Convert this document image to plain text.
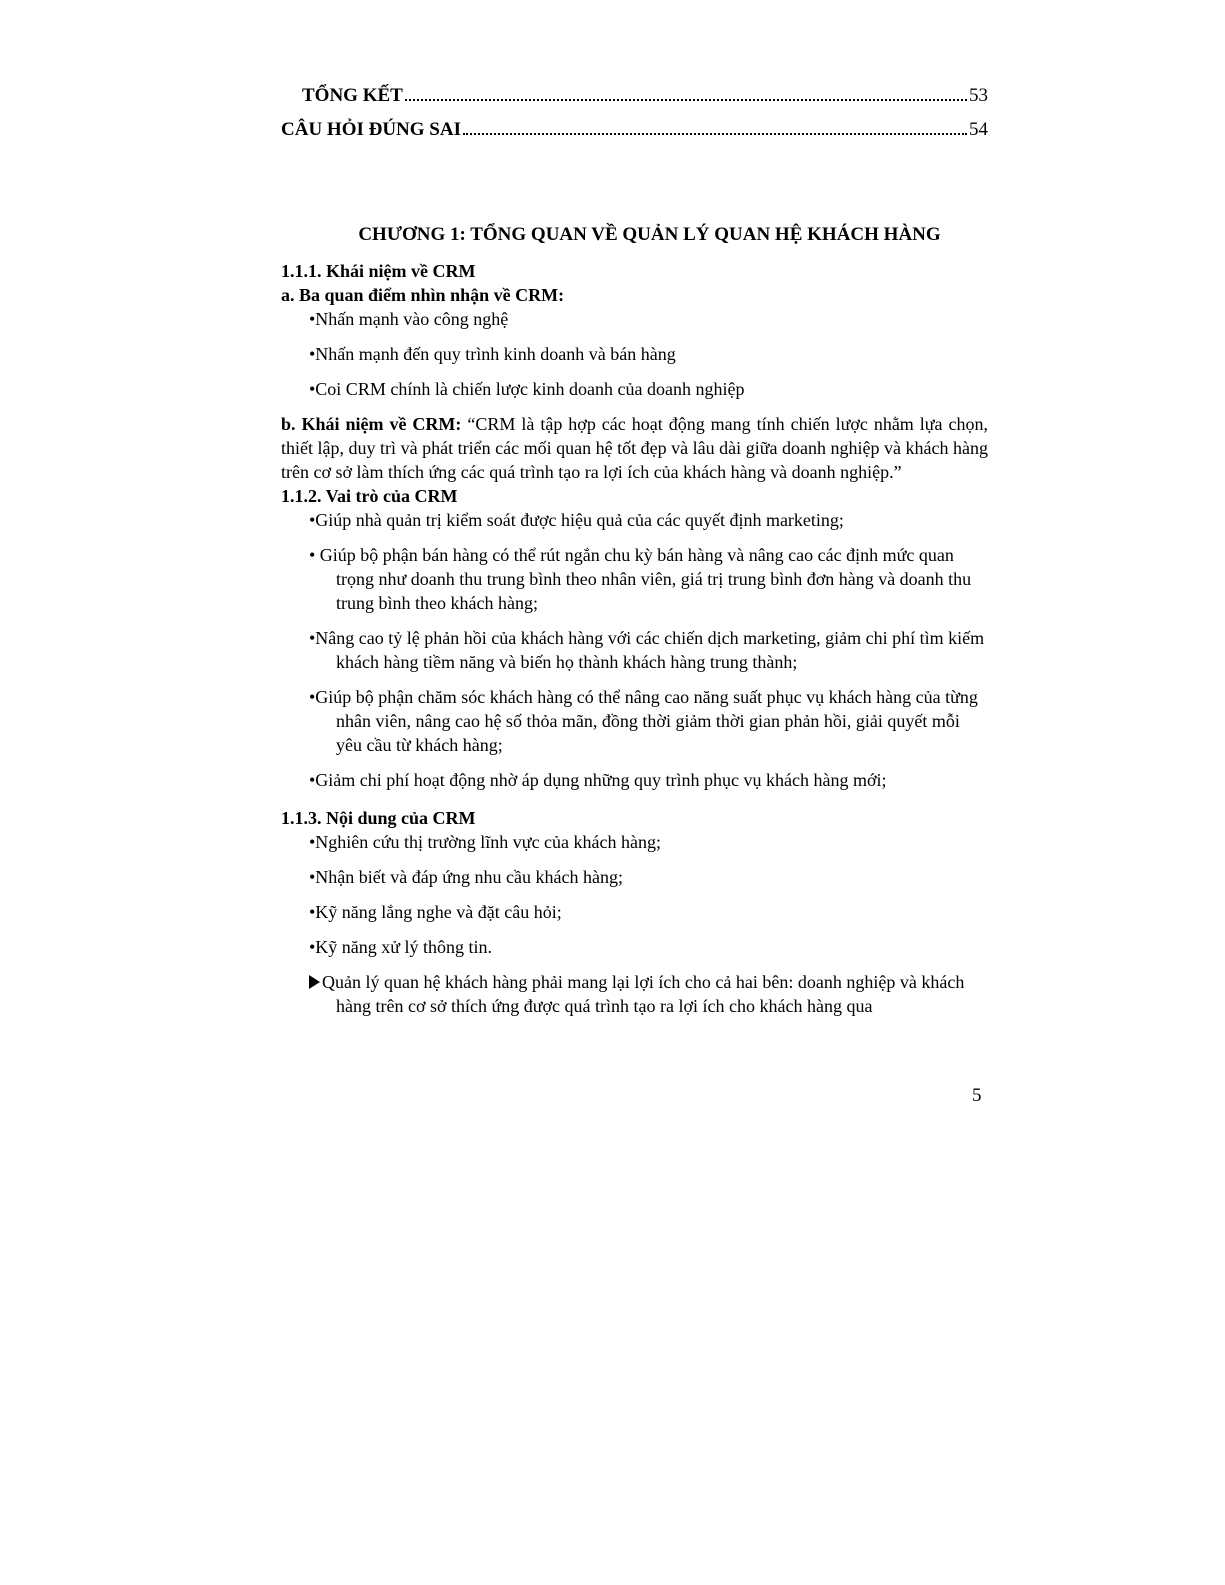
TỔNG KẾT	53
CÂU HỎI ĐÚNG SAI	54

CHƯƠNG 1: TỔNG QUAN VỀ QUẢN LÝ QUAN HỆ KHÁCH HÀNG

1.1.1. Khái niệm về CRM

a. Ba quan điểm nhìn nhận về CRM:

•Nhấn mạnh vào công nghệ

•Nhấn mạnh đến quy trình kinh doanh và bán hàng

•Coi CRM chính là chiến lược kinh doanh của doanh nghiệp

b. Khái niệm về CRM: “CRM là tập hợp các hoạt động mang tính chiến lược nhằm lựa chọn, thiết lập, duy trì và phát triển các mối quan hệ tốt đẹp và lâu dài giữa doanh nghiệp và khách hàng trên cơ sở làm thích ứng các quá trình tạo ra lợi ích của khách hàng và doanh nghiệp.”

1.1.2. Vai trò của CRM

•Giúp nhà quản trị kiểm soát được hiệu quả của các quyết định marketing;

• Giúp bộ phận bán hàng có thể rút ngắn chu kỳ bán hàng và nâng cao các định mức quan trọng như doanh thu trung bình theo nhân viên, giá trị trung bình đơn hàng và doanh thu trung bình theo khách hàng;

•Nâng cao tỷ lệ phản hồi của khách hàng với các chiến dịch marketing, giảm chi phí tìm kiếm khách hàng tiềm năng và biến họ thành khách hàng trung thành;

•Giúp bộ phận chăm sóc khách hàng có thể nâng cao năng suất phục vụ khách hàng của từng nhân viên, nâng cao hệ số thỏa mãn, đồng thời giảm thời gian phản hồi, giải quyết mỗi yêu cầu từ khách hàng;

•Giảm chi phí hoạt động nhờ áp dụng những quy trình phục vụ khách hàng mới;

1.1.3. Nội dung của CRM

•Nghiên cứu thị trường lĩnh vực của khách hàng;

•Nhận biết và đáp ứng nhu cầu khách hàng;

•Kỹ năng lắng nghe và đặt câu hỏi;

•Kỹ năng xử lý thông tin.

Quản lý quan hệ khách hàng phải mang lại lợi ích cho cả hai bên: doanh nghiệp và khách hàng trên cơ sở thích ứng được quá trình tạo ra lợi ích cho khách hàng qua

5
